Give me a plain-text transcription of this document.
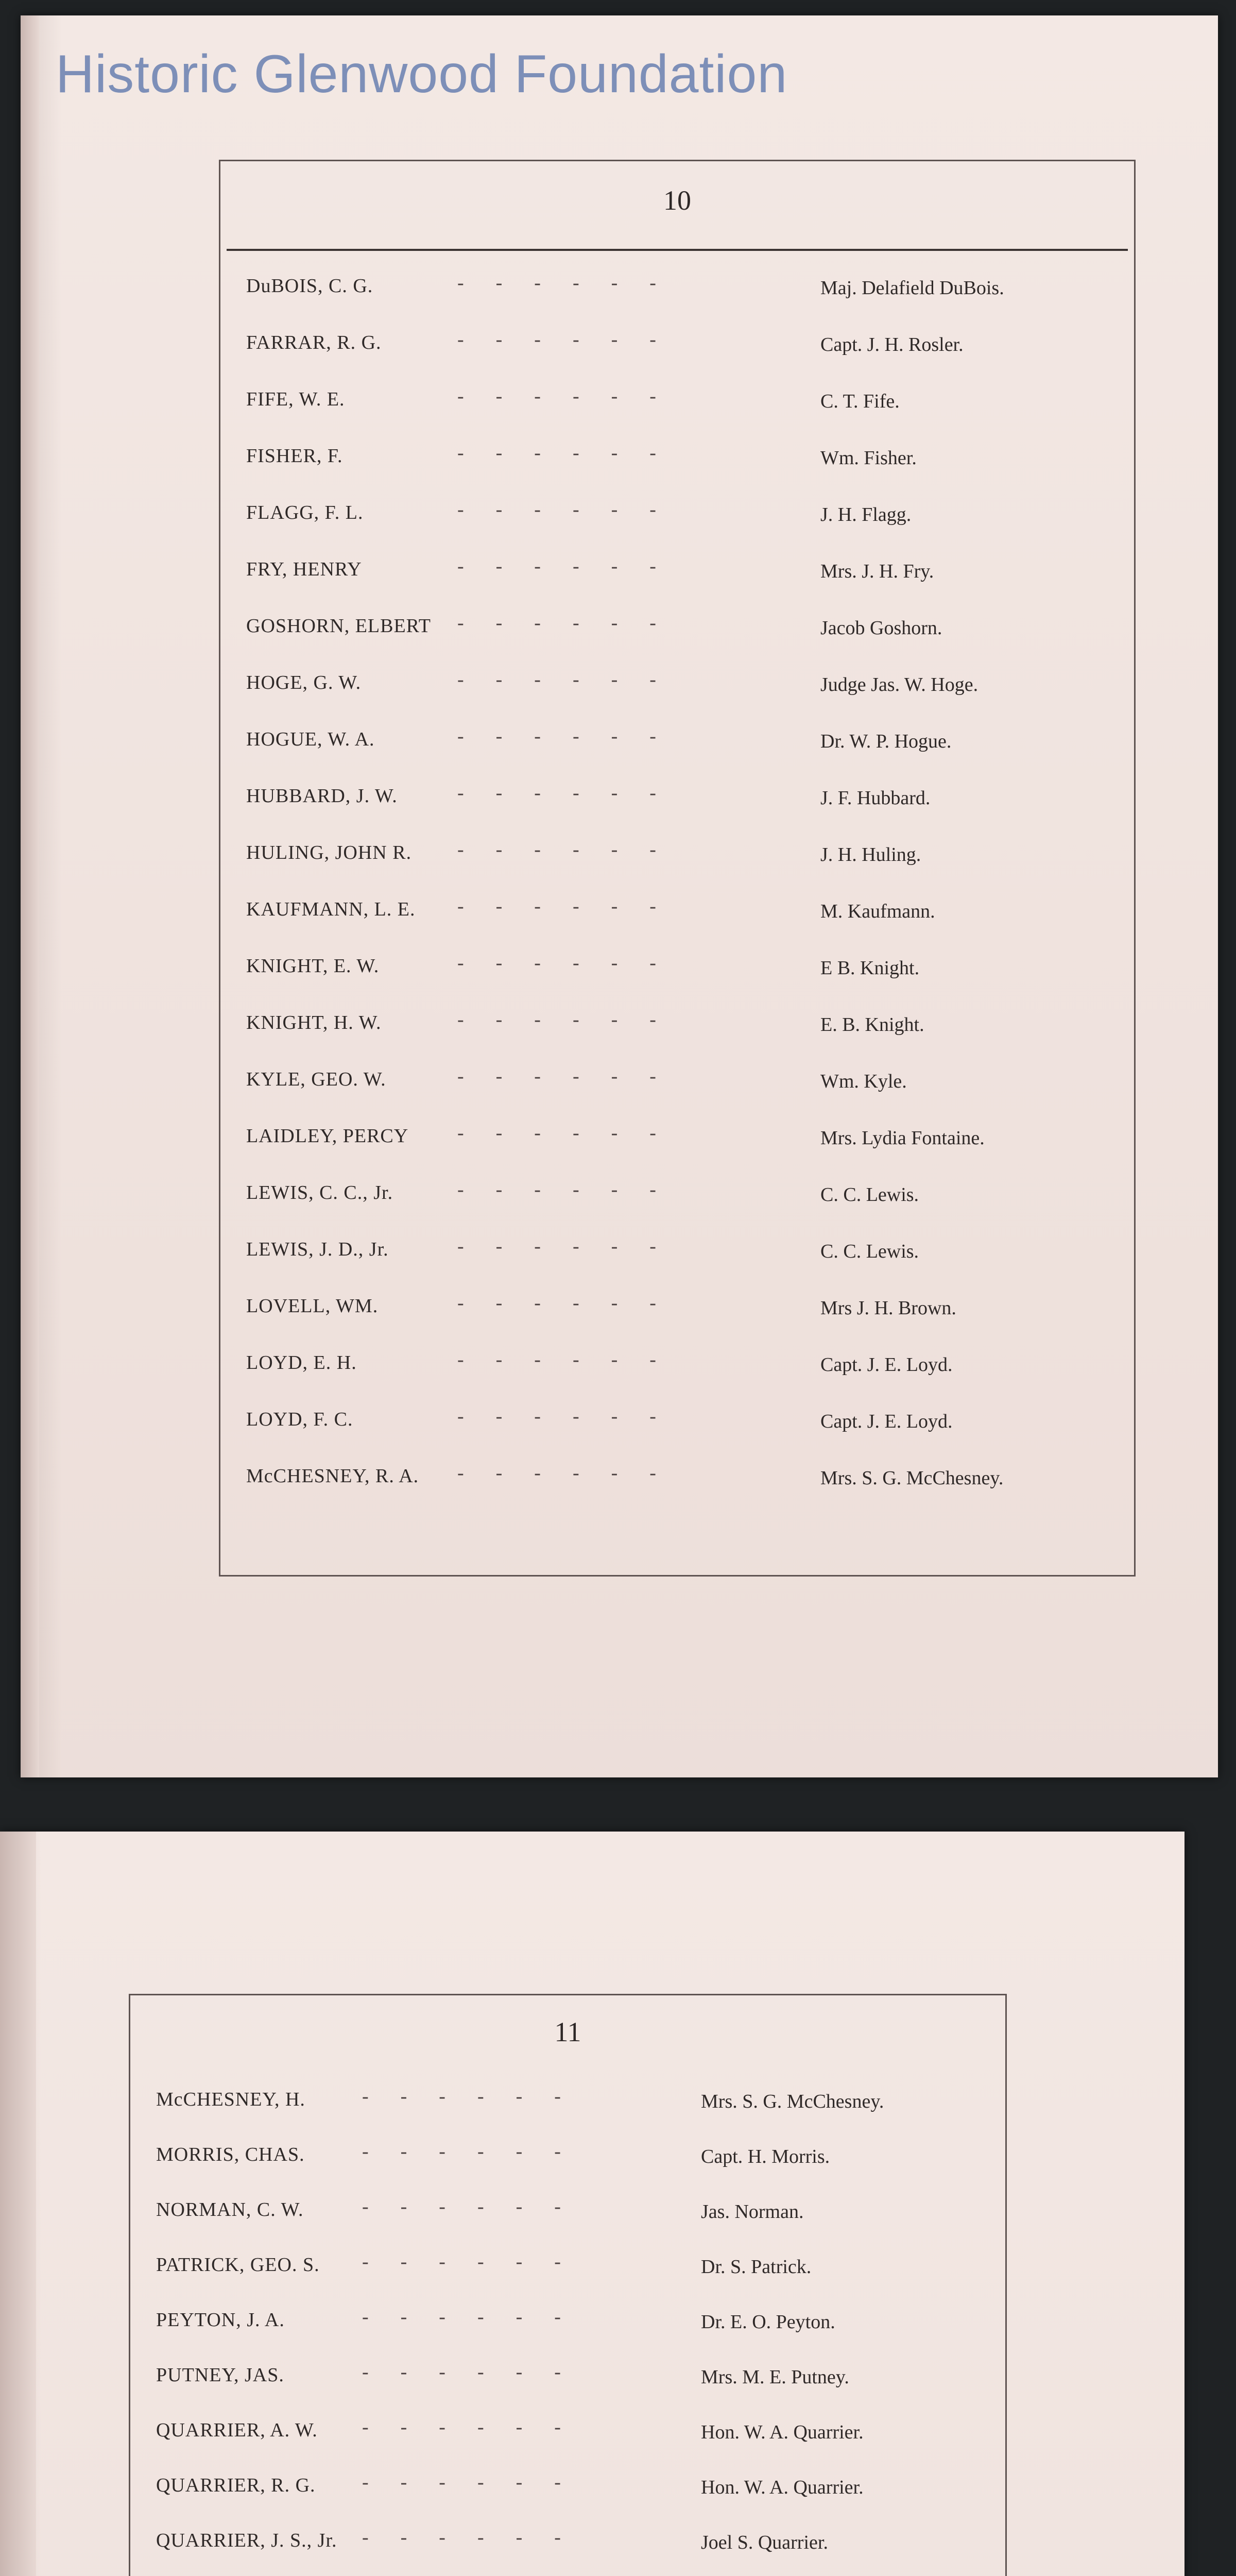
Historic Glenwood Foundation
10
DuBOIS, C. G.	------	Maj. Delafield DuBois.
FARRAR, R. G.	------	Capt. J. H. Rosler.
FIFE, W. E.	------	C. T. Fife.
FISHER, F.	------	Wm. Fisher.
FLAGG, F. L.	------	J. H. Flagg.
FRY, HENRY	------	Mrs. J. H. Fry.
GOSHORN, ELBERT ------	Jacob Goshorn.
HOGE, G. W.	------	Judge Jas. W. Hoge.
HOGUE, W. A.	------	Dr. W. P. Hogue.
HUBBARD, J. W.	------	J. F. Hubbard.
HULING, JOHN R. ------	J. H. Huling.
KAUFMANN, L. E. ------	M. Kaufmann.
KNIGHT, E. W.	------	E B. Knight.
KNIGHT, H. W.	------	E. B. Knight.
KYLE, GEO. W.	------	Wm. Kyle.
LAIDLEY, PERCY ------	Mrs. Lydia Fontaine.
LEWIS, C. C., Jr.	------	C. C. Lewis.
LEWIS, J. D., Jr.	------	C. C. Lewis.
LOVELL, WM.	------	Mrs J. H. Brown.
LOYD, E. H.	------	Capt. J. E. Loyd.
LOYD, F. C.	------	Capt. J. E. Loyd.
McCHESNEY, R. A. ------	Mrs. S. G. McChesney.
11
McCHESNEY, H.	------	Mrs. S. G. McChesney.
MORRIS, CHAS.	------	Capt. H. Morris.
NORMAN, C. W.	------	Jas. Norman.
PATRICK, GEO. S. ------	Dr. S. Patrick.
PEYTON, J. A.	------	Dr. E. O. Peyton.
PUTNEY, JAS.	------	Mrs. M. E. Putney.
QUARRIER, A. W. ------	Hon. W. A. Quarrier.
QUARRIER, R. G. ------	Hon. W. A. Quarrier.
QUARRIER, J. S., Jr. ------	Joel S. Quarrier.
